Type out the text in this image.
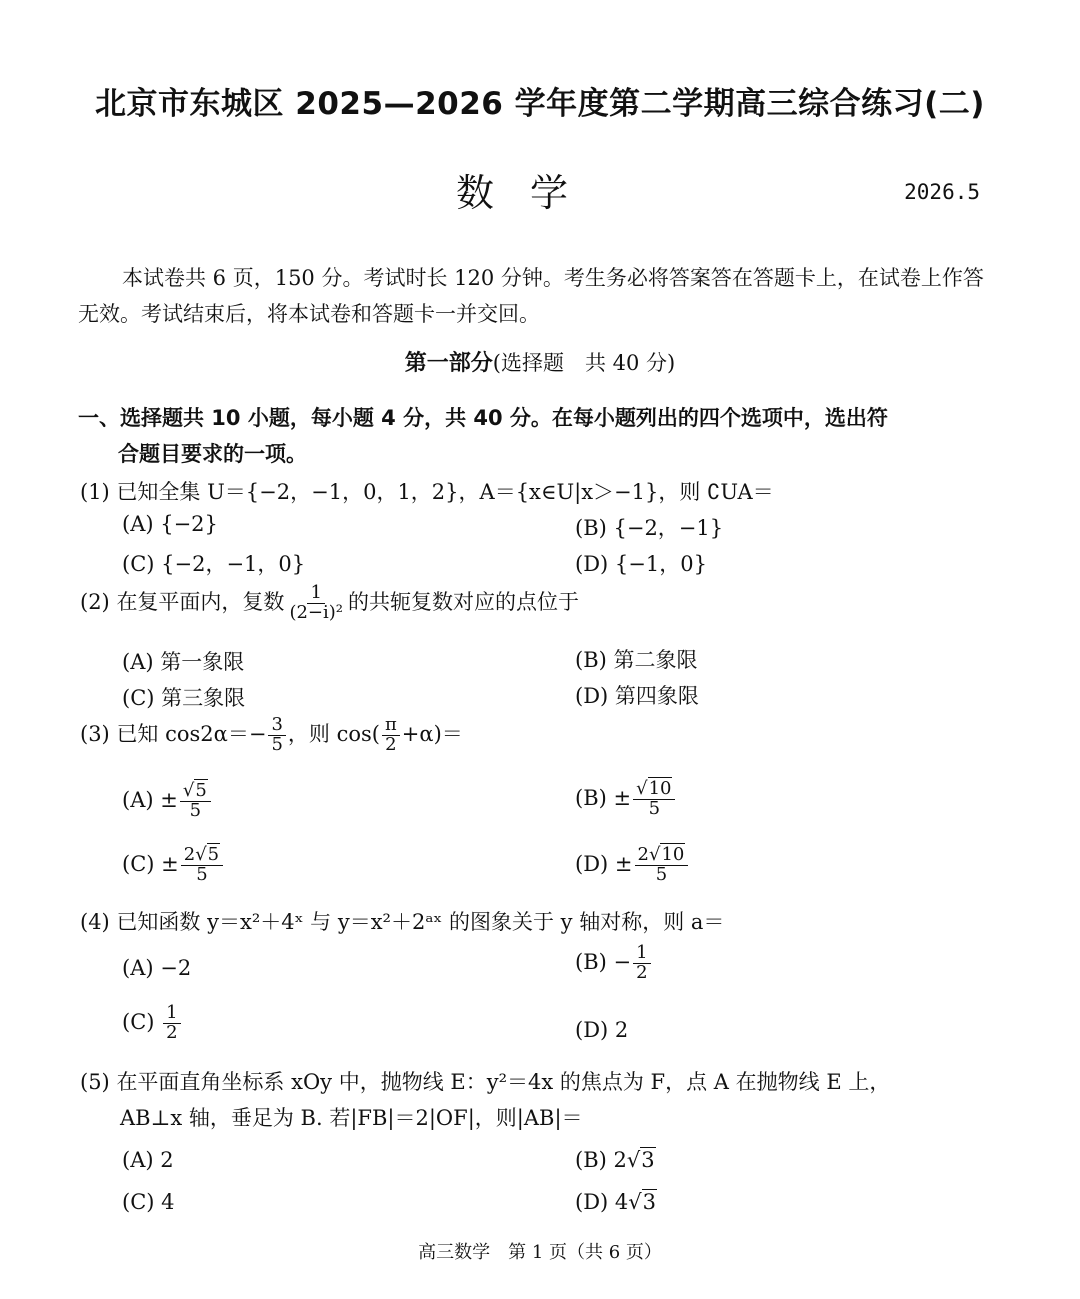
北京市东城区 2025—2026 学年度第二学期高三综合练习(二)
数学	2026.5
本试卷共 6 页，150 分。考试时长 120 分钟。考生务必将答案答在答题卡上，在试卷上作答无效。考试结束后，将本试卷和答题卡一并交回。
第一部分(选择题　共 40 分)
一、选择题共 10 小题，每小题 4 分，共 40 分。在每小题列出的四个选项中，选出符
合题目要求的一项。
(1) 已知全集 U＝{−2，−1，0，1，2}，A＝{x∈U|x＞−1}，则 ∁UA＝
(A) {−2}	(B) {−2，−1}
(C) {−2，−1，0}	(D) {−1，0}
(2) 在复平面内，复数 $\frac{1}{\text{(2−i)²}}$ 的共轭复数对应的点位于
(A) 第一象限	(B) 第二象限
(C) 第三象限	(D) 第四象限
(3) 已知 $\cos 2\alpha=- \frac{3}{5}$ ，则 $\cos( \frac{\pi}{2} +\alpha)=$
$(A) \pm \frac{√5}{5}$	$(B) \pm \frac{√10}{5}$
$(C) \pm \frac{2√5}{5}$	$(D) \pm \frac{2√10}{5}$
(4) 已知函数 y＝x²＋4ˣ 与 y＝x²＋2ᵃˣ 的图象关于 y 轴对称，则 a＝
(A) −2	$(B) - \frac{1}{2}$
$(C) \frac{1}{2}$	(D) 2
(5) 在平面直角坐标系 xOy 中，抛物线 E：y²＝4x 的焦点为 F，点 A 在抛物线 E 上，
AB⊥x 轴，垂足为 B. 若|FB|＝2|OF|，则|AB|＝
(A) 2	(B) 2√3
(C) 4	(D) 4√3
高三数学　第 1 页（共 6 页）
